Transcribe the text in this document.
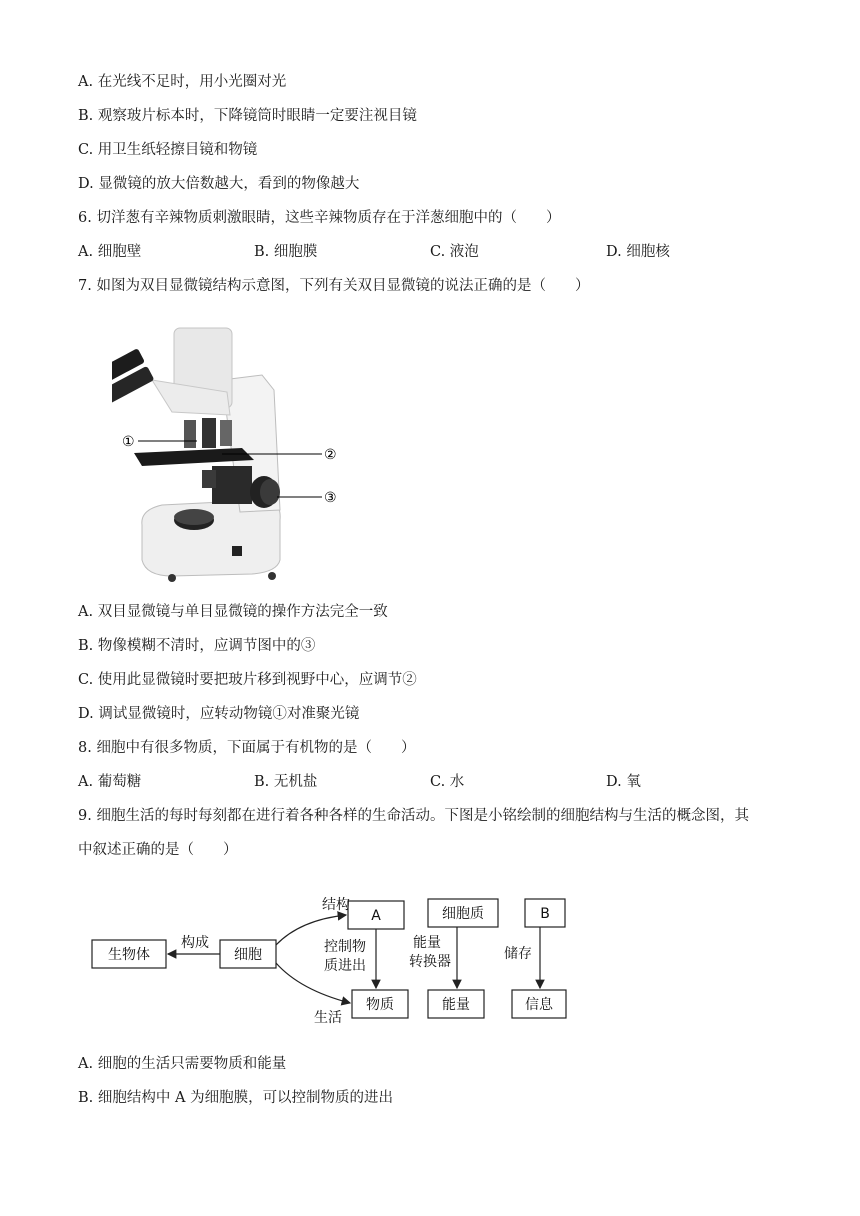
A. 在光线不足时，用小光圈对光
B. 观察玻片标本时，下降镜筒时眼睛一定要注视目镜
C. 用卫生纸轻擦目镜和物镜
D. 显微镜的放大倍数越大，看到的物像越大
6. 切洋葱有辛辣物质刺激眼睛，这些辛辣物质存在于洋葱细胞中的（　　）
A. 细胞壁	B. 细胞膜	C. 液泡	D. 细胞核
7. 如图为双目显微镜结构示意图，下列有关双目显微镜的说法正确的是（　　）
①
②
③
A. 双目显微镜与单目显微镜的操作方法完全一致
B. 物像模糊不清时，应调节图中的③
C. 使用此显微镜时要把玻片移到视野中心，应调节②
D. 调试显微镜时，应转动物镜①对准聚光镜
8. 细胞中有很多物质，下面属于有机物的是（　　）
A. 葡萄糖	B. 无机盐	C. 水	D. 氧
9. 细胞生活的每时每刻都在进行着各种各样的生命活动。下图是小铭绘制的细胞结构与生活的概念图，其
中叙述正确的是（　　）
生物体	细胞
A	细胞质	B
物质	能量	信息
构成
结构
生活
控制物
质进出
能量
转换器	储存
A. 细胞的生活只需要物质和能量
B. 细胞结构中 A 为细胞膜，可以控制物质的进出
